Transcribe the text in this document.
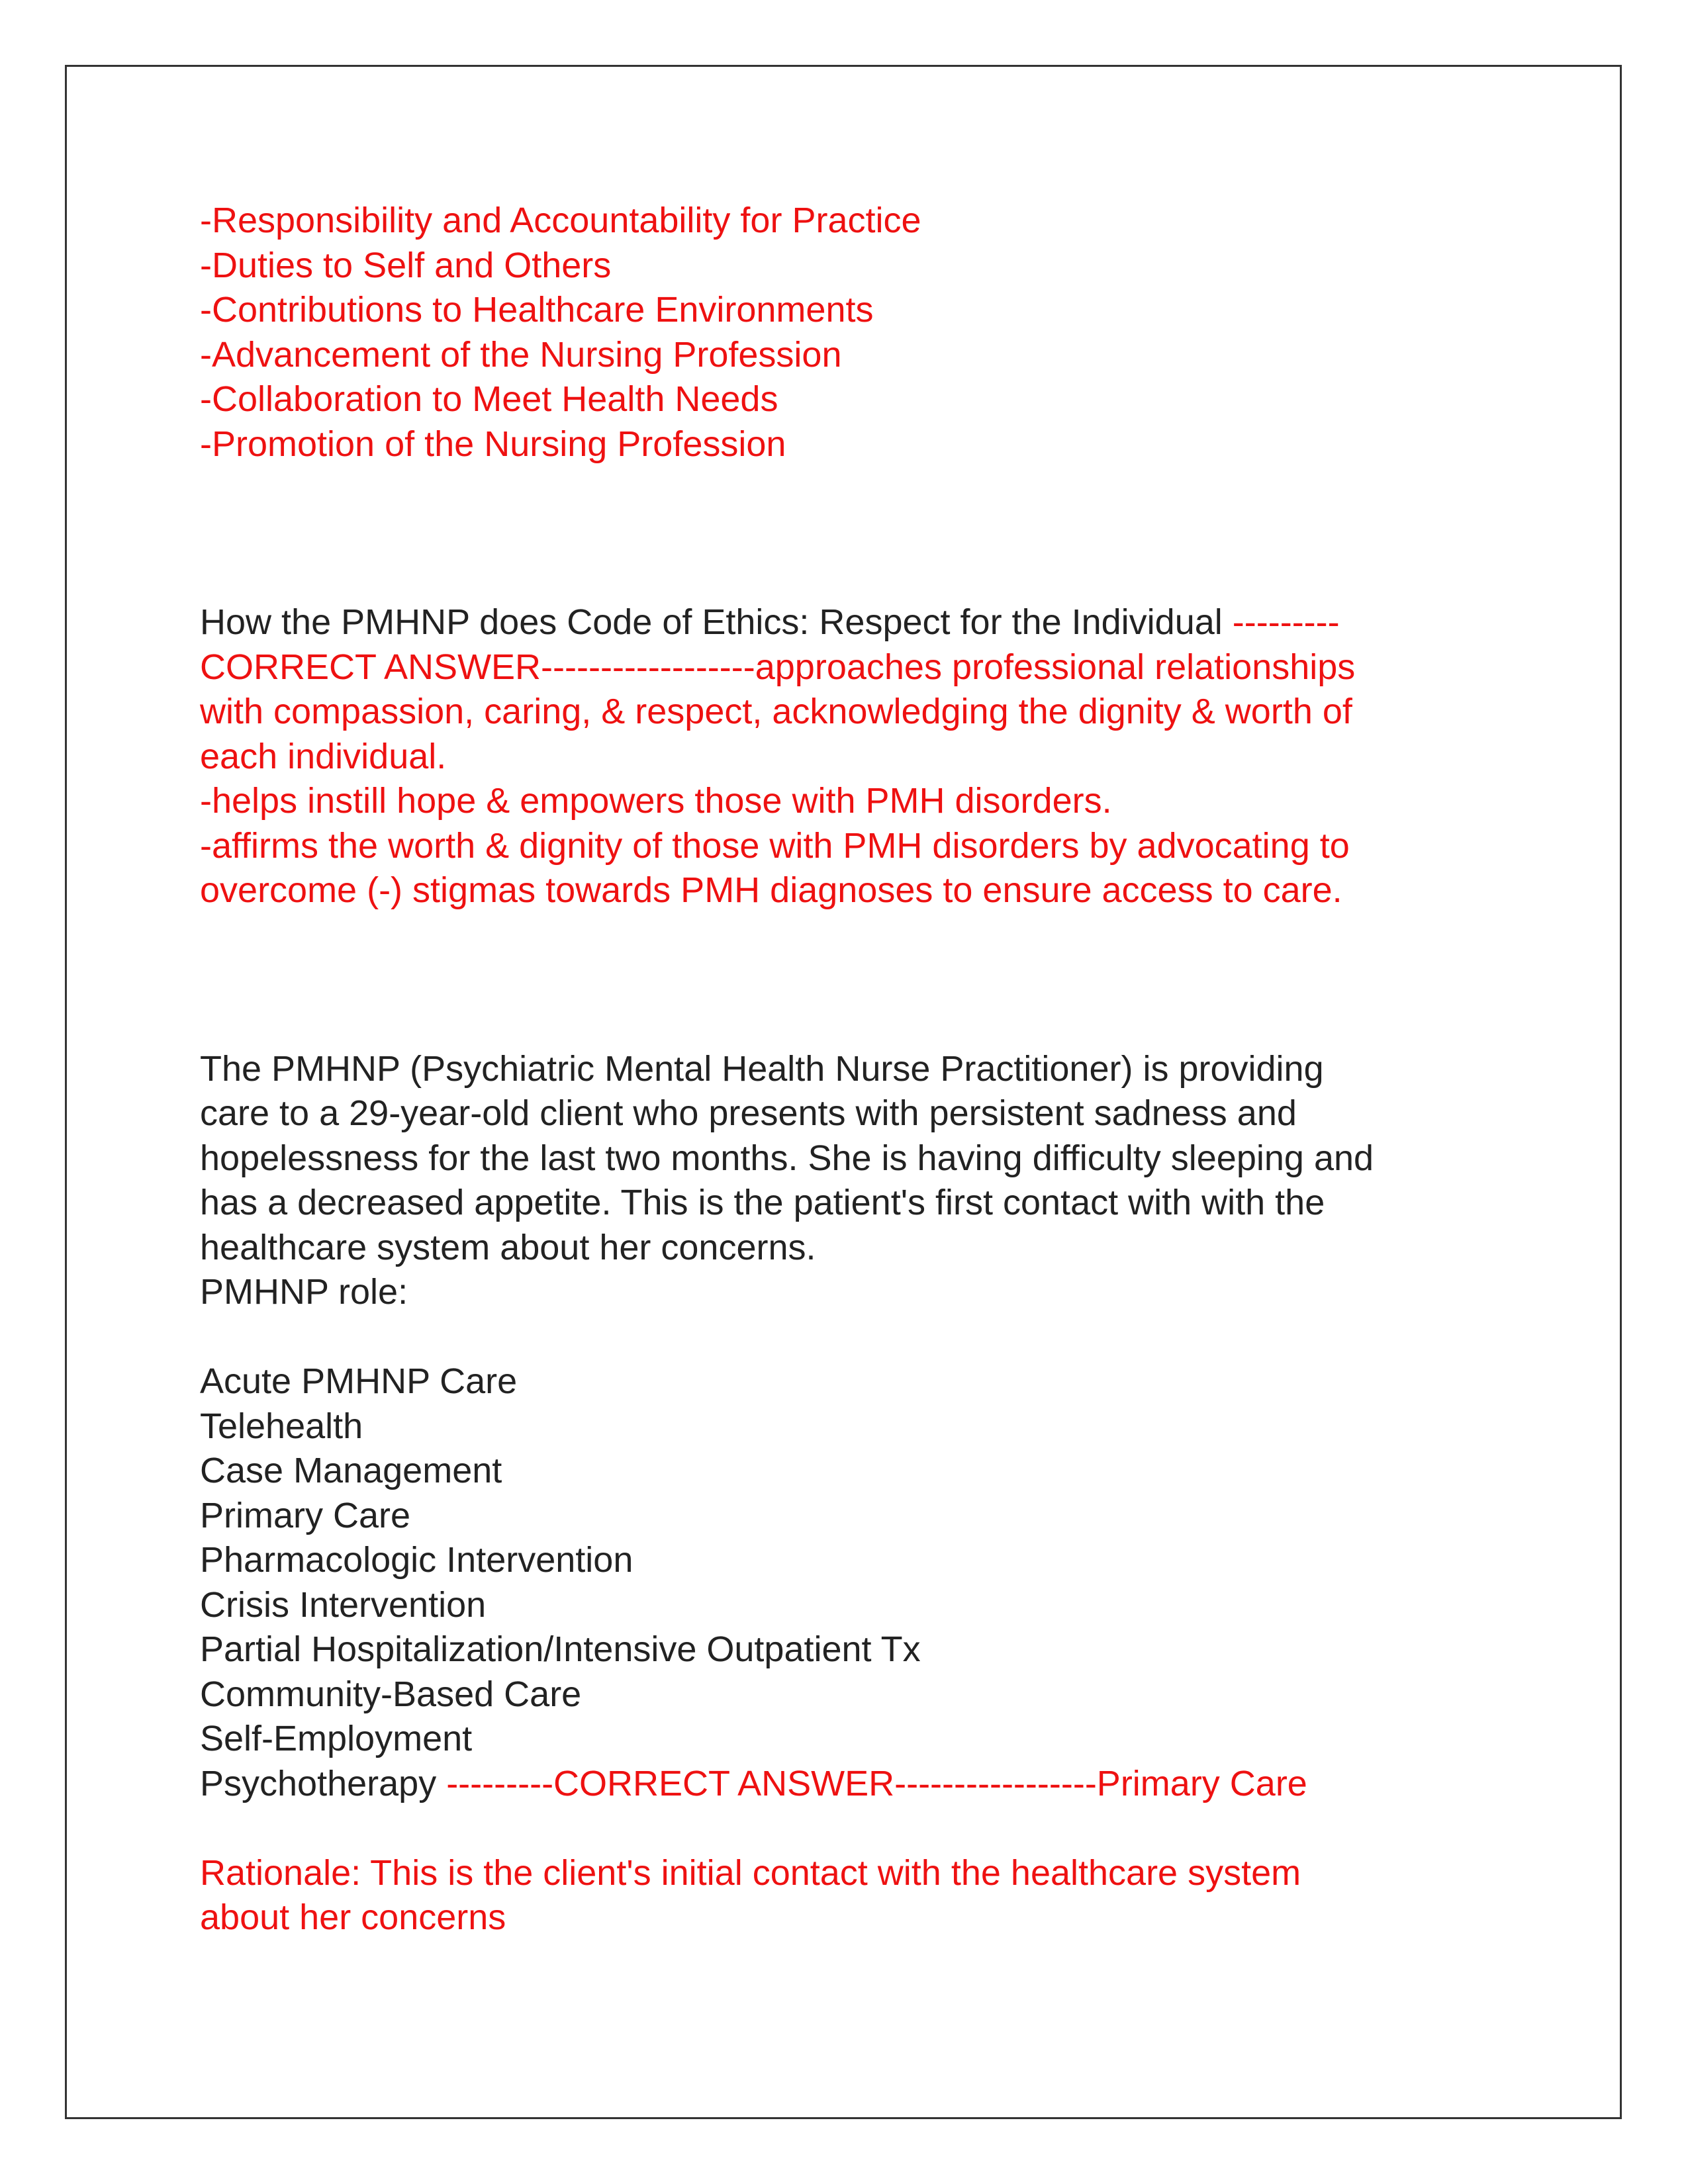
-Responsibility and Accountability for Practice
-Duties to Self and Others
-Contributions to Healthcare Environments
-Advancement of the Nursing Profession
-Collaboration to Meet Health Needs
-Promotion of the Nursing Profession
How the PMHNP does Code of Ethics: Respect for the Individual ---------
CORRECT ANSWER------------------approaches professional relationships
with compassion, caring, & respect, acknowledging the dignity & worth of
each individual.
-helps instill hope & empowers those with PMH disorders.
-affirms the worth & dignity of those with PMH disorders by advocating to
overcome (-) stigmas towards PMH diagnoses to ensure access to care.
The PMHNP (Psychiatric Mental Health Nurse Practitioner) is providing
care to a 29-year-old client who presents with persistent sadness and
hopelessness for the last two months. She is having difficulty sleeping and
has a decreased appetite. This is the patient's first contact with with the
healthcare system about her concerns.
PMHNP role:
Acute PMHNP Care
Telehealth
Case Management
Primary Care
Pharmacologic Intervention
Crisis Intervention
Partial Hospitalization/Intensive Outpatient Tx
Community-Based Care
Self-Employment
Psychotherapy ---------CORRECT ANSWER-----------------Primary Care
Rationale: This is the client's initial contact with the healthcare system
about her concerns
